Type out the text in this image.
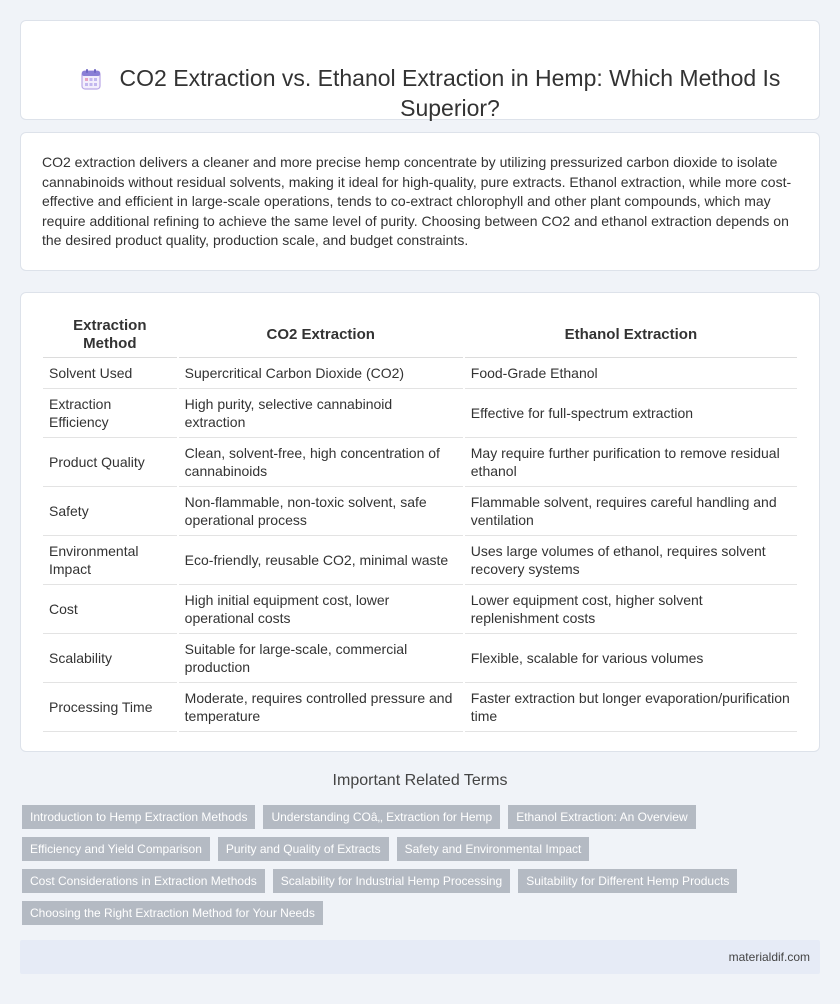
CO2 Extraction vs. Ethanol Extraction in Hemp: Which Method Is Superior?

CO2 extraction delivers a cleaner and more precise hemp concentrate by utilizing pressurized carbon dioxide to isolate cannabinoids without residual solvents, making it ideal for high-quality, pure extracts. Ethanol extraction, while more cost-effective and efficient in large-scale operations, tends to co-extract chlorophyll and other plant compounds, which may require additional refining to achieve the same level of purity. Choosing between CO2 and ethanol extraction depends on the desired product quality, production scale, and budget constraints.

Extraction Method	CO2 Extraction	Ethanol Extraction
Solvent Used	Supercritical Carbon Dioxide (CO2)	Food-Grade Ethanol
Extraction Efficiency	High purity, selective cannabinoid extraction	Effective for full-spectrum extraction
Product Quality	Clean, solvent-free, high concentration of cannabinoids	May require further purification to remove residual ethanol
Safety	Non-flammable, non-toxic solvent, safe operational process	Flammable solvent, requires careful handling and ventilation
Environmental Impact	Eco-friendly, reusable CO2, minimal waste	Uses large volumes of ethanol, requires solvent recovery systems
Cost	High initial equipment cost, lower operational costs	Lower equipment cost, higher solvent replenishment costs
Scalability	Suitable for large-scale, commercial production	Flexible, scalable for various volumes
Processing Time	Moderate, requires controlled pressure and temperature	Faster extraction but longer evaporation/purification time
Important Related Terms
Introduction to Hemp Extraction Methods	Understanding COâ‚‚ Extraction for Hemp	Ethanol Extraction: An Overview
Efficiency and Yield Comparison	Purity and Quality of Extracts	Safety and Environmental Impact
Cost Considerations in Extraction Methods	Scalability for Industrial Hemp Processing	Suitability for Different Hemp Products
Choosing the Right Extraction Method for Your Needs
materialdif.com
